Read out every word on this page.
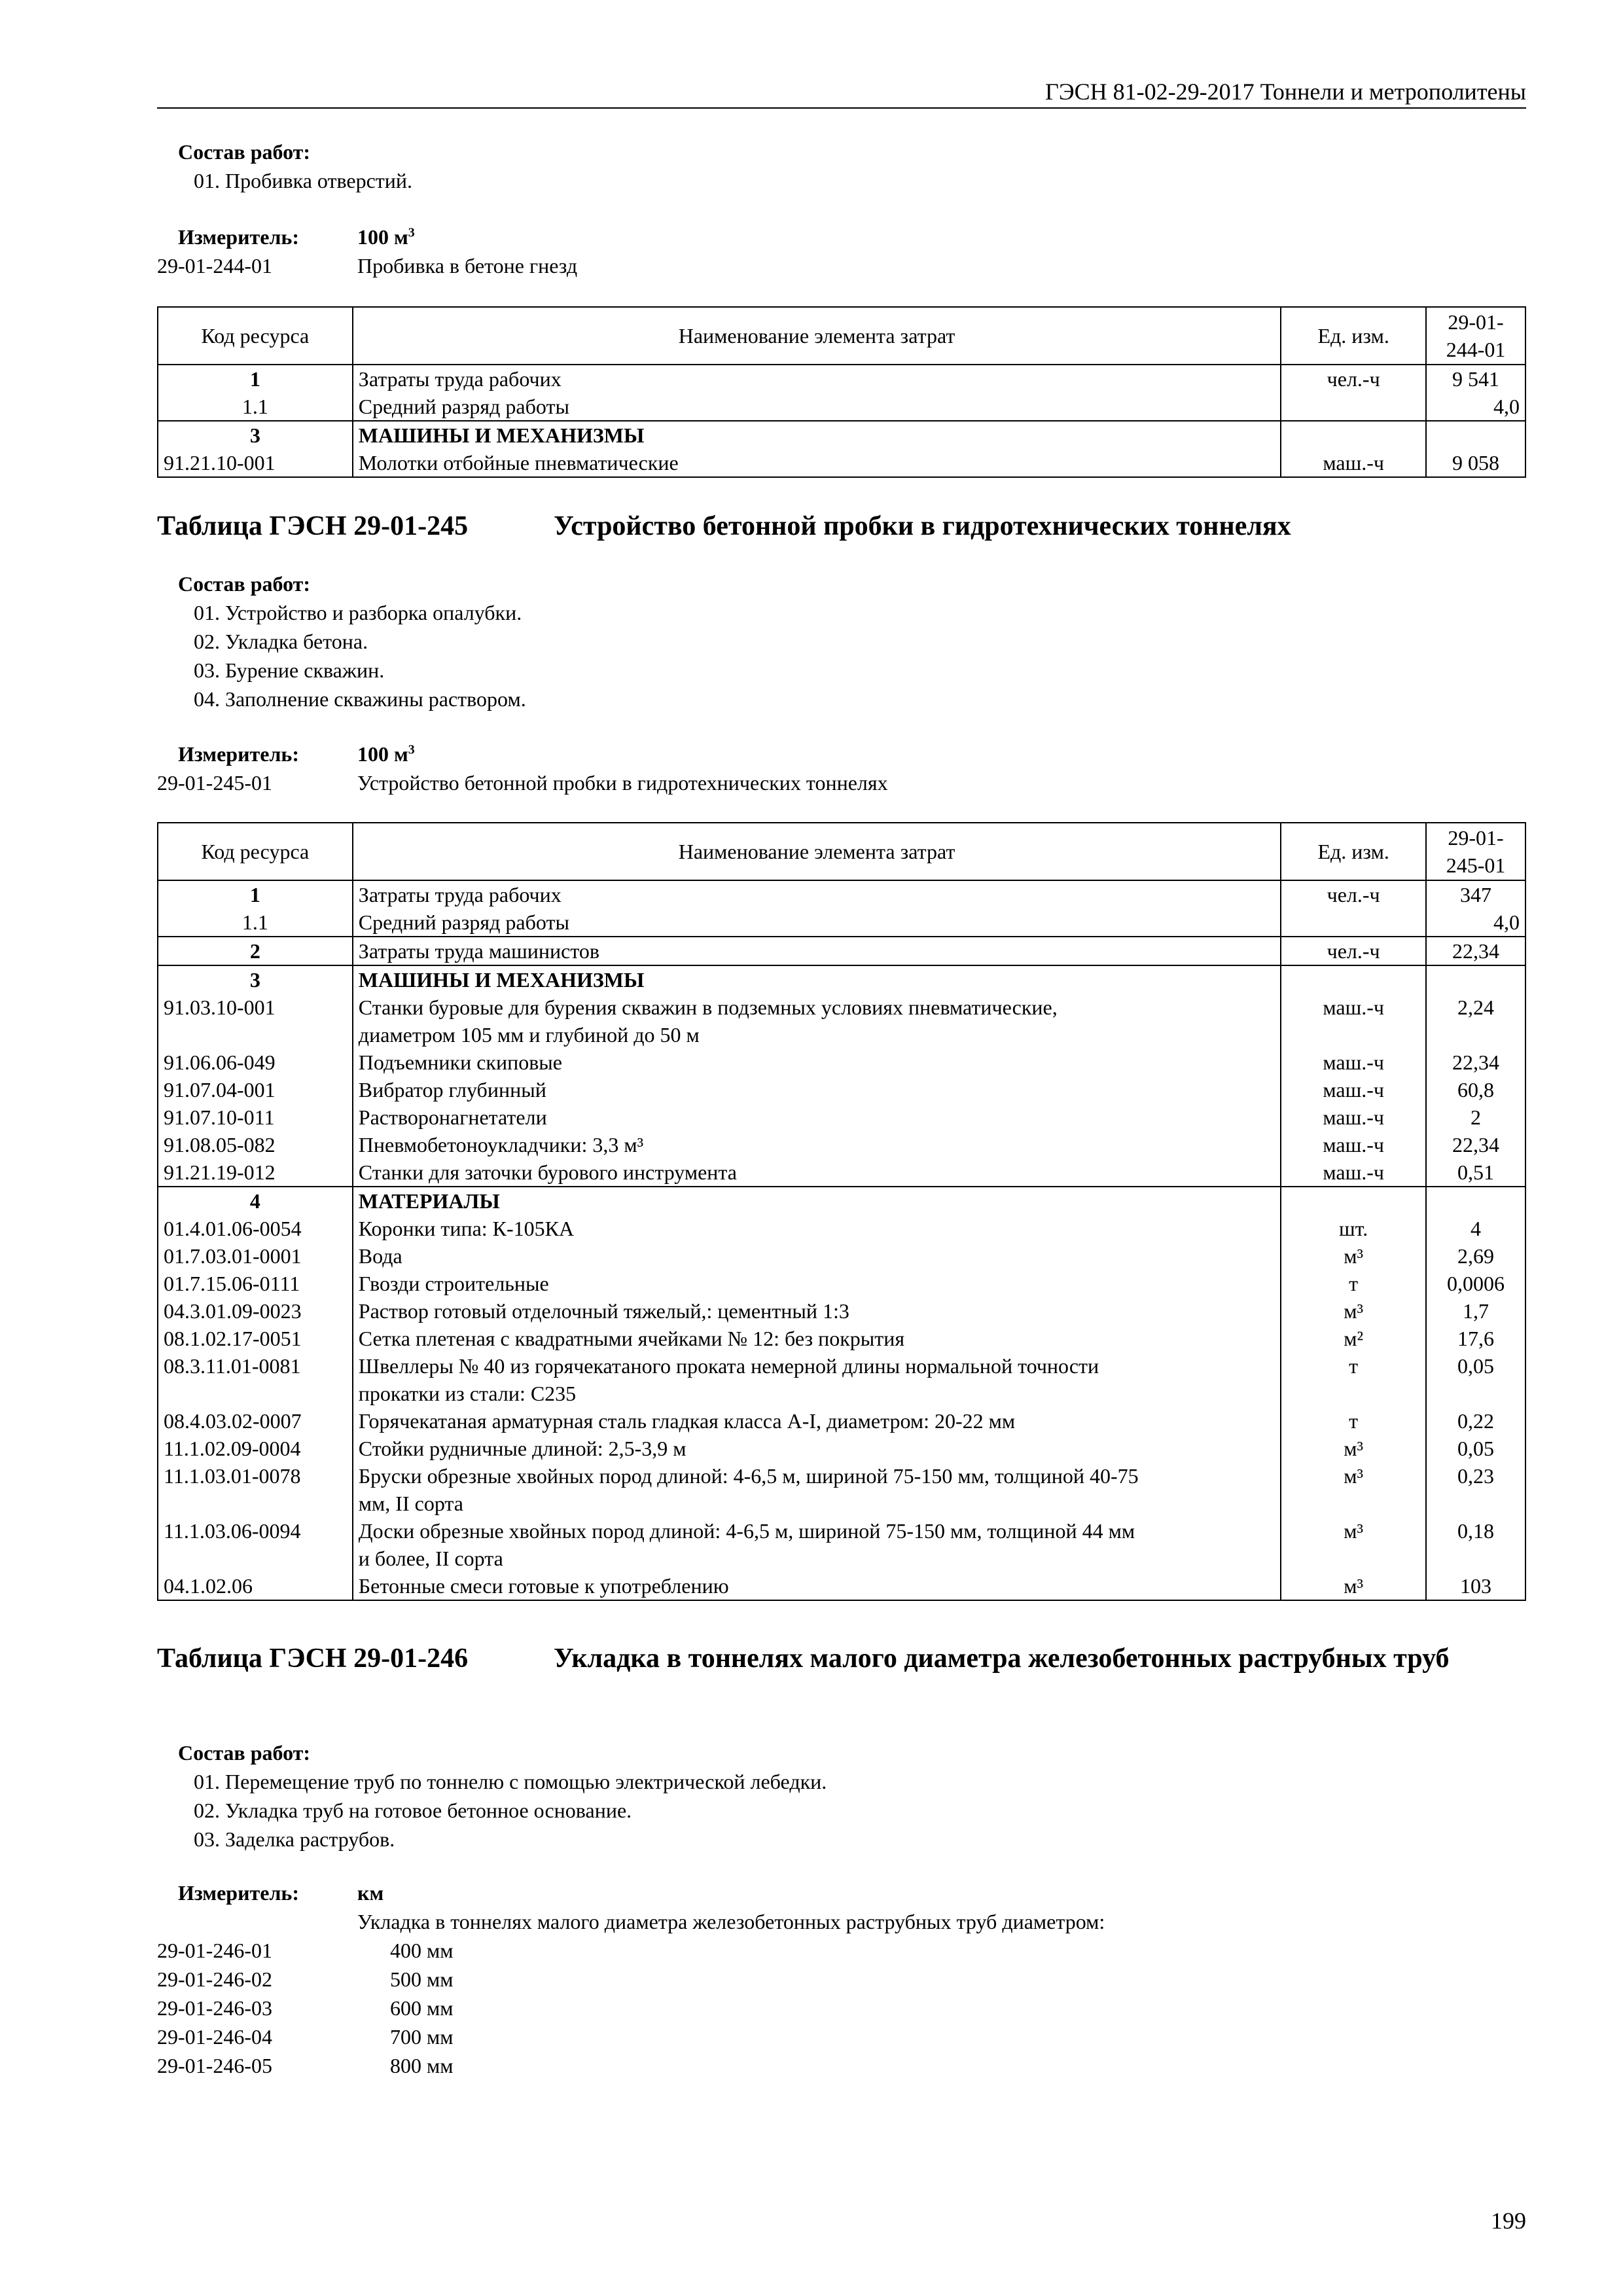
ГЭСН 81-02-29-2017 Тоннели и метрополитены
Состав работ:
01. Пробивка отверстий.
Измеритель:	100 $м^3$
29-01-244-01	Пробивка в бетоне гнезд
Код ресурса	Наименование элемента затрат	Ед. изм.	29-01-
244-01
1	Затраты труда рабочих	чел.-ч	9 541
1.1	Средний разряд работы		4,0
3	МАШИНЫ И МЕХАНИЗМЫ		
91.21.10-001	Молотки отбойные пневматические	маш.-ч	9 058
Таблица ГЭСН 29-01-245	Устройство бетонной пробки в гидротехнических тоннелях
Состав работ:
01. Устройство и разборка опалубки.
02. Укладка бетона.
03. Бурение скважин.
04. Заполнение скважины раствором.
Измеритель:	100 $м^3$
29-01-245-01	Устройство бетонной пробки в гидротехнических тоннелях
Код ресурса	Наименование элемента затрат	Ед. изм.	29-01-
245-01
1	Затраты труда рабочих	чел.-ч	347
1.1	Средний разряд работы		4,0
2	Затраты труда машинистов	чел.-ч	22,34
3	МАШИНЫ И МЕХАНИЗМЫ		
91.03.10-001	Станки буровые для бурения скважин в подземных условиях пневматические,	маш.-ч	2,24
	диаметром 105 мм и глубиной до 50 м		
91.06.06-049	Подъемники скиповые	маш.-ч	22,34
91.07.04-001	Вибратор глубинный	маш.-ч	60,8
91.07.10-011	Растворонагнетатели	маш.-ч	2
91.08.05-082	Пневмобетоноукладчики: 3,3 м³	маш.-ч	22,34
91.21.19-012	Станки для заточки бурового инструмента	маш.-ч	0,51
4	МАТЕРИАЛЫ		
01.4.01.06-0054	Коронки типа: К-105КА	шт.	4
01.7.03.01-0001	Вода	м³	2,69
01.7.15.06-0111	Гвозди строительные	т	0,0006
04.3.01.09-0023	Раствор готовый отделочный тяжелый,: цементный 1:3	м³	1,7
08.1.02.17-0051	Сетка плетеная с квадратными ячейками № 12: без покрытия	м²	17,6
08.3.11.01-0081	Швеллеры № 40 из горячекатаного проката немерной длины нормальной точности	т	0,05
	прокатки из стали: С235		
08.4.03.02-0007	Горячекатаная арматурная сталь гладкая класса А-I, диаметром: 20-22 мм	т	0,22
11.1.02.09-0004	Стойки рудничные длиной: 2,5-3,9 м	м³	0,05
11.1.03.01-0078	Бруски обрезные хвойных пород длиной: 4-6,5 м, шириной 75-150 мм, толщиной 40-75	м³	0,23
	мм, II сорта		
11.1.03.06-0094	Доски обрезные хвойных пород длиной: 4-6,5 м, шириной 75-150 мм, толщиной 44 мм	м³	0,18
	и более, II сорта		
04.1.02.06	Бетонные смеси готовые к употреблению	м³	103
Таблица ГЭСН 29-01-246	Укладка в тоннелях малого диаметра железобетонных раструбных труб
Состав работ:
01. Перемещение труб по тоннелю с помощью электрической лебедки.
02. Укладка труб на готовое бетонное основание.
03. Заделка раструбов.
Измеритель:	км
Укладка в тоннелях малого диаметра железобетонных раструбных труб диаметром:
29-01-246-01	400 мм
29-01-246-02	500 мм
29-01-246-03	600 мм
29-01-246-04	700 мм
29-01-246-05	800 мм
199
